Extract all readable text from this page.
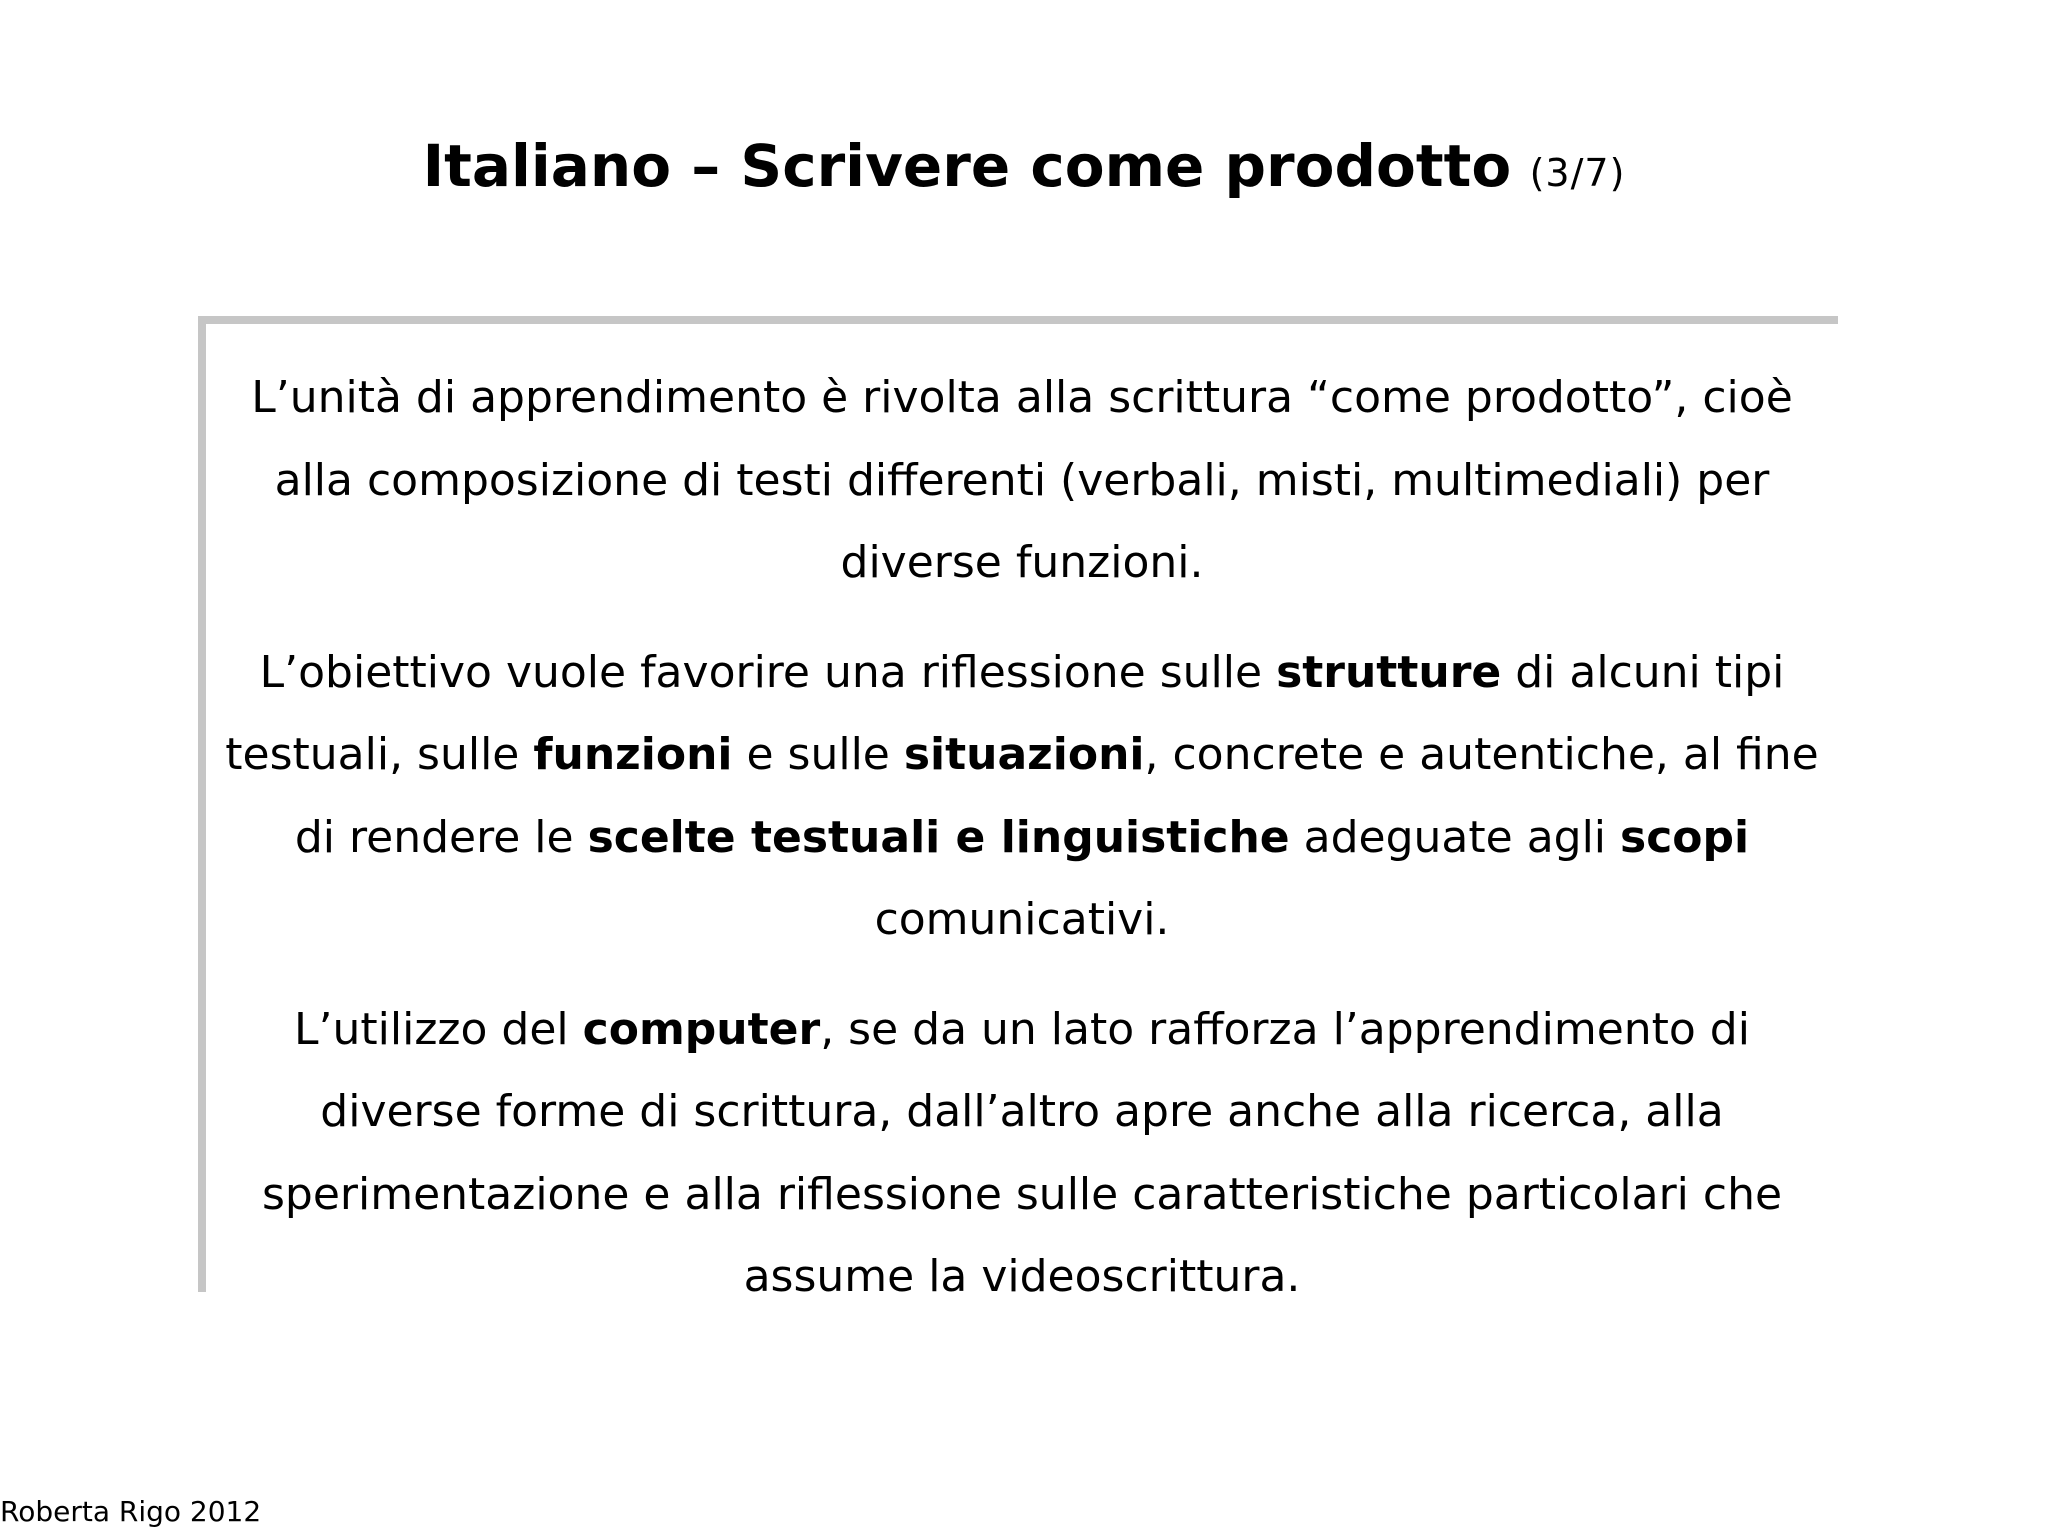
Italiano – Scrivere come prodotto (3/7)

L’unità di apprendimento è rivolta alla scrittura “come prodotto”, cioè alla composizione di testi differenti (verbali, misti, multimediali) per diverse funzioni.

L’obiettivo vuole favorire una riflessione sulle strutture di alcuni tipi testuali, sulle funzioni e sulle situazioni, concrete e autentiche, al fine di rendere le scelte testuali e linguistiche adeguate agli scopi comunicativi.

L’utilizzo del computer, se da un lato rafforza l’apprendimento di diverse forme di scrittura, dall’altro apre anche alla ricerca, alla sperimentazione e alla riflessione sulle caratteristiche particolari che assume la videoscrittura.

Roberta Rigo 2012
